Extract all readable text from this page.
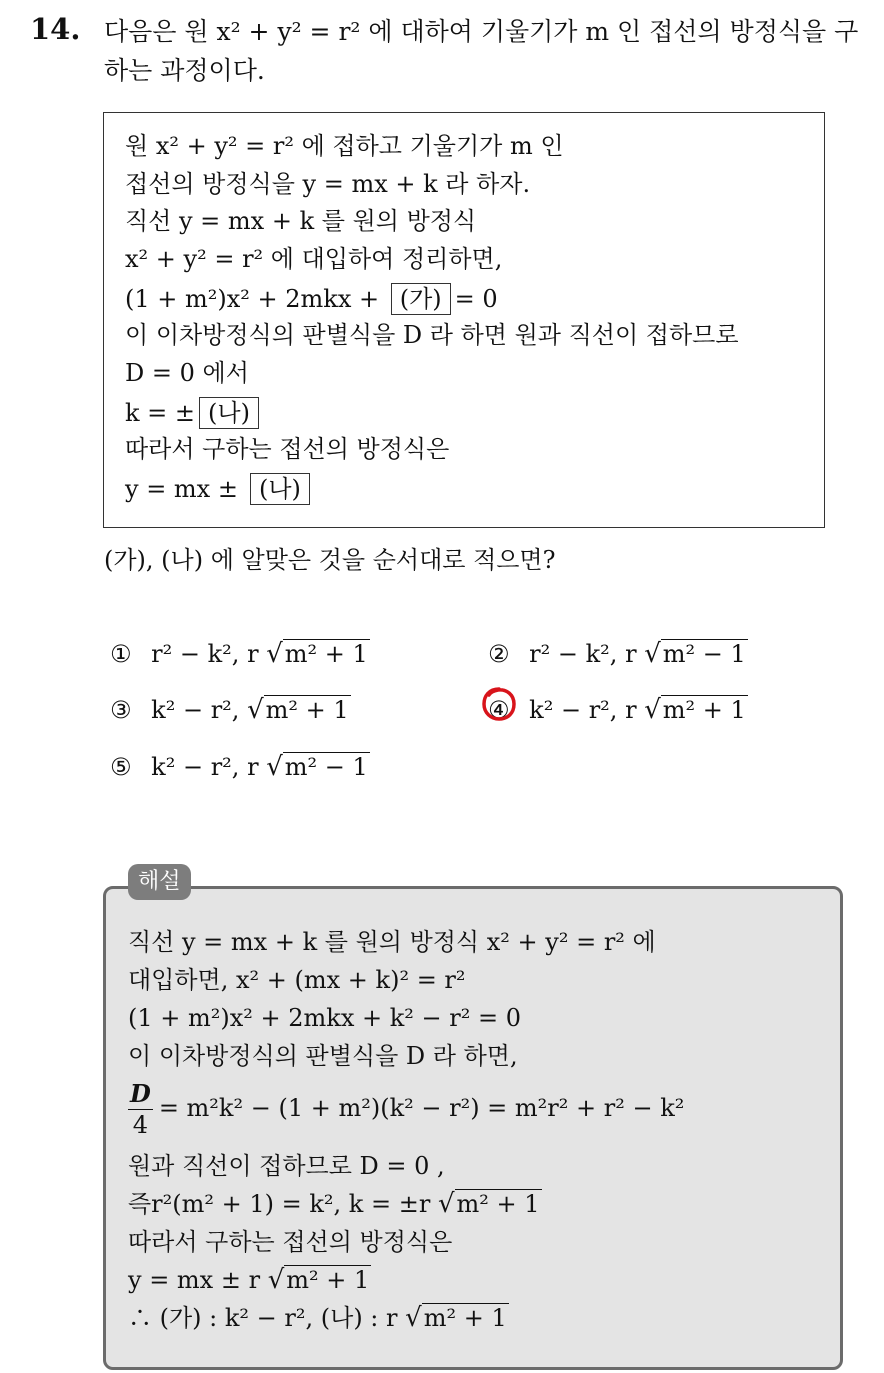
14. 다음은 원 x² + y² = r² 에 대하여 기울기가 m 인 접선의 방정식을 구하는 과정이다.
원 x² + y² = r² 에 접하고 기울기가 m 인
접선의 방정식을 y = mx + k 라 하자.
직선 y = mx + k 를 원의 방정식
x² + y² = r² 에 대입하여 정리하면,
(1 + m²)x² + 2mkx + (가) = 0
이 이차방정식의 판별식을 D 라 하면 원과 직선이 접하므로
D = 0 에서
k = ± (나)
따라서 구하는 접선의 방정식은
y = mx ± (나)
(가), (나) 에 알맞은 것을 순서대로 적으면?
① r² − k², r √m² + 1	② r² − k², r √m² − 1
③ k² − r², √m² + 1	④ k² − r², r √m² + 1
⑤ k² − r², r √m² − 1
직선 y = mx + k 를 원의 방정식 x² + y² = r² 에
대입하면, x² + (mx + k)² = r²
(1 + m²)x² + 2mkx + k² − r² = 0
이 이차방정식의 판별식을 D 라 하면,
$\frac{D}{4} = m^2k^2 - (1 + m^2)(k^2 - r^2) = m^2r^2 + r^2 - k^2$
원과 직선이 접하므로 D = 0 ,
즉r²(m² + 1) = k², k = ±r √m² + 1
따라서 구하는 접선의 방정식은
y = mx ± r √m² + 1
∴ (가) : k² − r², (나) : r √m² + 1
해설
